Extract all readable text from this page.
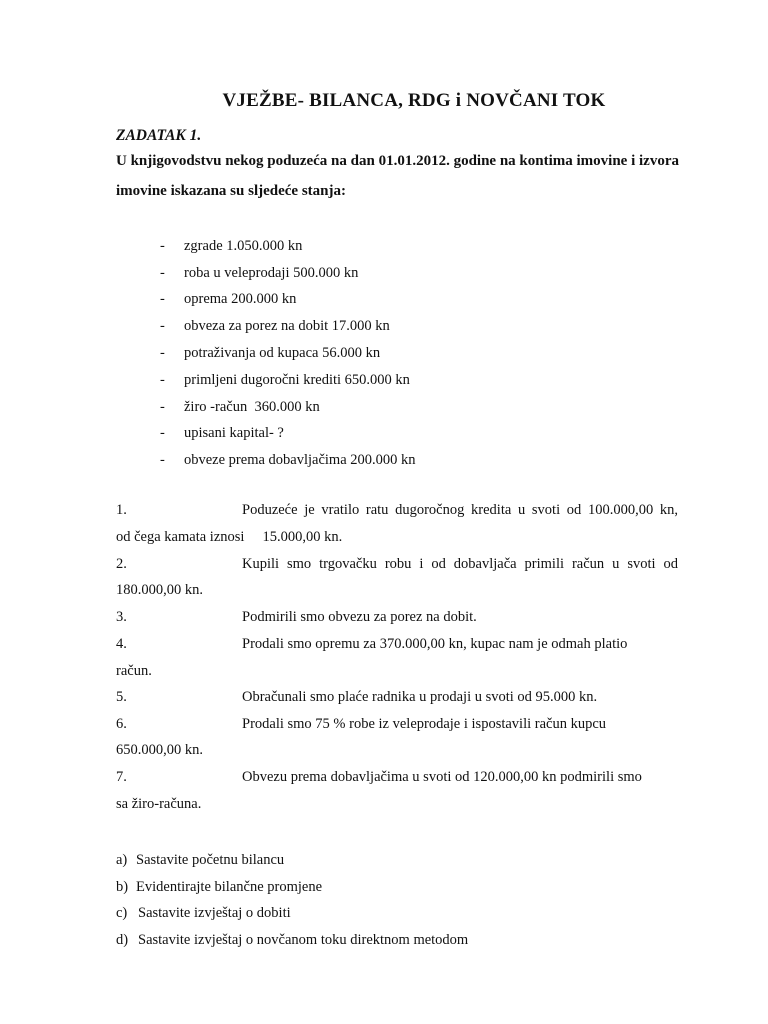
VJEŽBE- BILANCA, RDG i NOVČANI TOK
ZADATAK 1.
U knjigovodstvu nekog poduzeća na dan 01.01.2012. godine na kontima imovine i izvora
imovine iskazana su sljedeće stanja:
-	zgrade 1.050.000 kn
-	roba u veleprodaji 500.000 kn
-	oprema 200.000 kn
-	obveza za porez na dobit 17.000 kn
-	potraživanja od kupaca 56.000 kn
-	primljeni dugoročni krediti 650.000 kn
-	žiro -račun  360.000 kn
-	upisani kapital- ?
-	obveze prema dobavljačima 200.000 kn
1.	Poduzeće je vratilo ratu dugoročnog kredita u svoti od 100.000,00 kn,
od čega kamata iznosi     15.000,00 kn.
2.	Kupili smo trgovačku robu i od dobavljača primili račun u svoti od
180.000,00 kn.
3.	Podmirili smo obvezu za porez na dobit.
4.	Prodali smo opremu za 370.000,00 kn, kupac nam je odmah platio
račun.
5.	Obračunali smo plaće radnika u prodaji u svoti od 95.000 kn.
6.	Prodali smo 75 % robe iz veleprodaje i ispostavili račun kupcu
650.000,00 kn.
7.	Obvezu prema dobavljačima u svoti od 120.000,00 kn podmirili smo
sa žiro-računa.
a) Sastavite početnu bilancu
b) Evidentirajte bilančne promjene
c) Sastavite izvještaj o dobiti
d) Sastavite izvještaj o novčanom toku direktnom metodom
